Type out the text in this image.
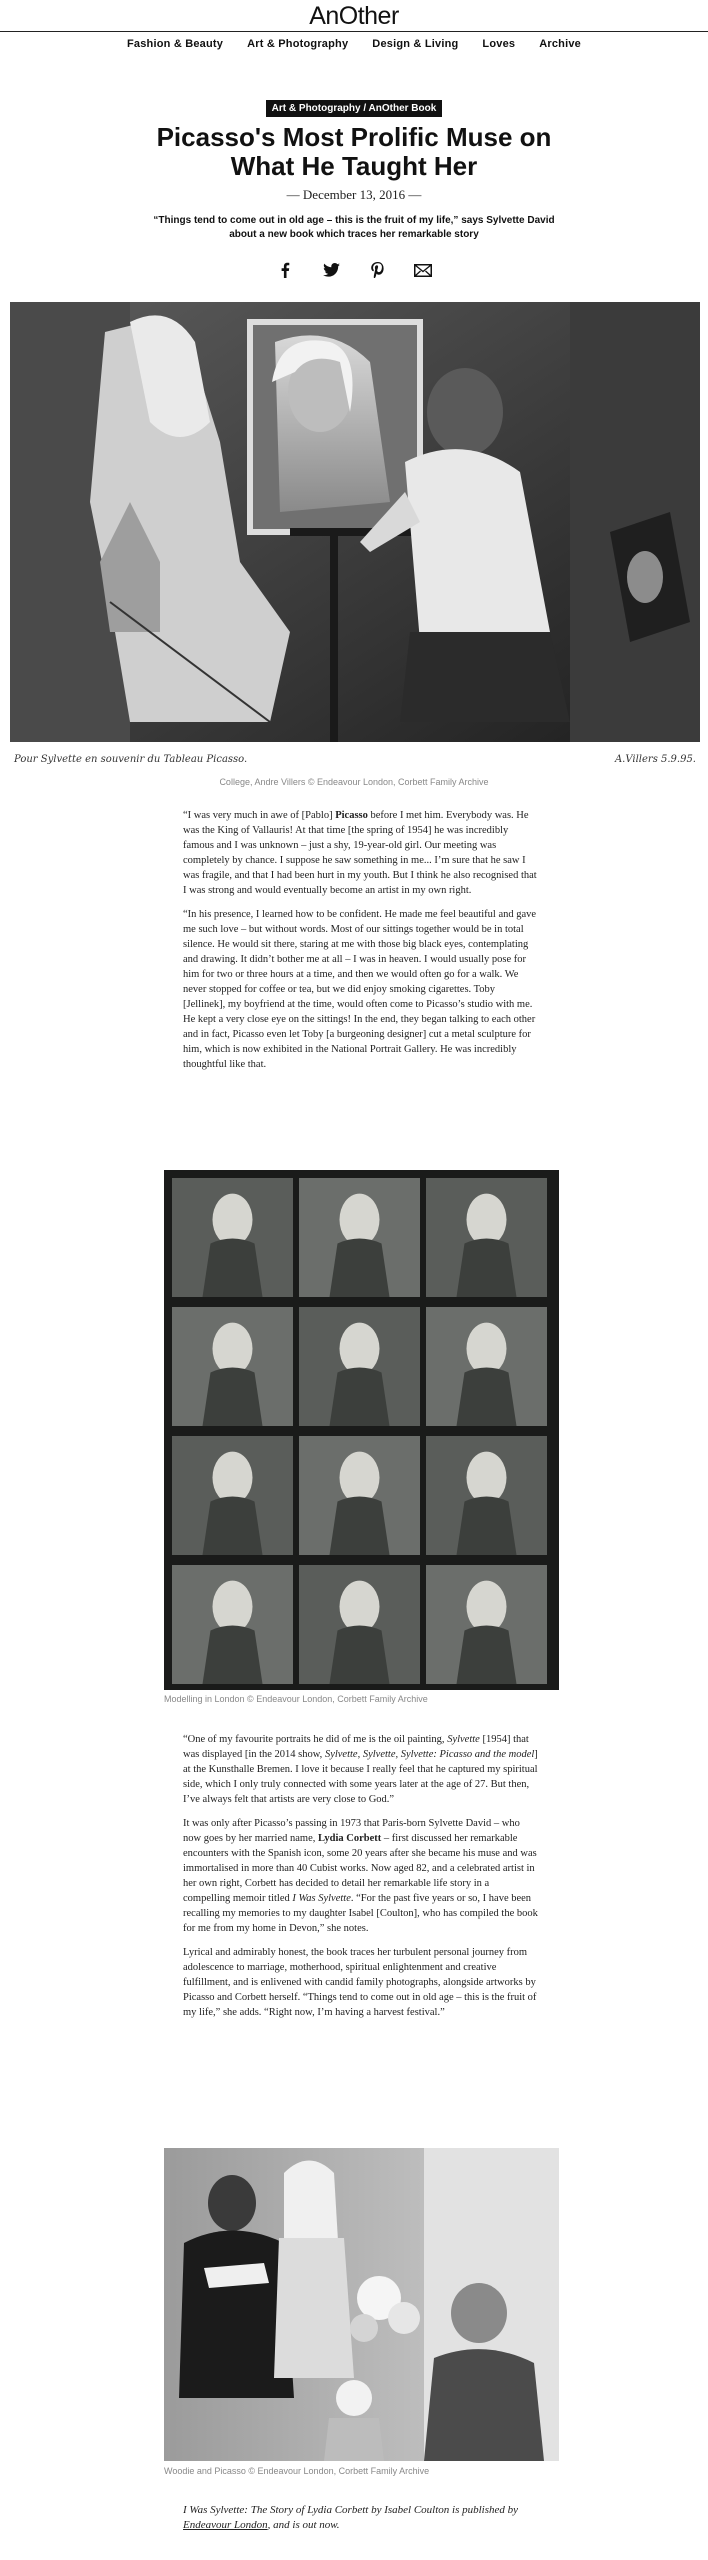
AnOther
Fashion & Beauty Art & Photography Design & Living Loves Archive
Art & Photography / AnOther Book
Picasso's Most Prolific Muse on What He Taught Her
— December 13, 2016 —
“Things tend to come out in old age – this is the fruit of my life,” says Sylvette David about a new book which traces her remarkable story
Pour Sylvette en souvenir du Tableau Picasso.	A.Villers 5.9.95.
College, Andre Villers © Endeavour London, Corbett Family Archive

“I was very much in awe of [Pablo] Picasso before I met him. Everybody was. He was the King of Vallauris! At that time [the spring of 1954] he was incredibly famous and I was unknown – just a shy, 19-year-old girl. Our meeting was completely by chance. I suppose he saw something in me... I’m sure that he saw I was fragile, and that I had been hurt in my youth. But I think he also recognised that I was strong and would eventually become an artist in my own right.

“In his presence, I learned how to be confident. He made me feel beautiful and gave me such love – but without words. Most of our sittings together would be in total silence. He would sit there, staring at me with those big black eyes, contemplating and drawing. It didn’t bother me at all – I was in heaven. I would usually pose for him for two or three hours at a time, and then we would often go for a walk. We never stopped for coffee or tea, but we did enjoy smoking cigarettes. Toby [Jellinek], my boyfriend at the time, would often come to Picasso’s studio with me. He kept a very close eye on the sittings! In the end, they began talking to each other and in fact, Picasso even let Toby [a burgeoning designer] cut a metal sculpture for him, which is now exhibited in the National Portrait Gallery. He was incredibly thoughtful like that.

Modelling in London © Endeavour London, Corbett Family Archive

“One of my favourite portraits he did of me is the oil painting, Sylvette [1954] that was displayed [in the 2014 show, Sylvette, Sylvette, Sylvette: Picasso and the model] at the Kunsthalle Bremen. I love it because I really feel that he captured my spiritual side, which I only truly connected with some years later at the age of 27. But then, I’ve always felt that artists are very close to God.”

It was only after Picasso’s passing in 1973 that Paris-born Sylvette David – who now goes by her married name, Lydia Corbett – first discussed her remarkable encounters with the Spanish icon, some 20 years after she became his muse and was immortalised in more than 40 Cubist works. Now aged 82, and a celebrated artist in her own right, Corbett has decided to detail her remarkable life story in a compelling memoir titled I Was Sylvette. “For the past five years or so, I have been recalling my memories to my daughter Isabel [Coulton], who has compiled the book for me from my home in Devon,” she notes.

Lyrical and admirably honest, the book traces her turbulent personal journey from adolescence to marriage, motherhood, spiritual enlightenment and creative fulfillment, and is enlivened with candid family photographs, alongside artworks by Picasso and Corbett herself. “Things tend to come out in old age – this is the fruit of my life,” she adds. “Right now, I’m having a harvest festival.”

Woodie and Picasso © Endeavour London, Corbett Family Archive
I Was Sylvette: The Story of Lydia Corbett by Isabel Coulton is published by Endeavour London, and is out now.
